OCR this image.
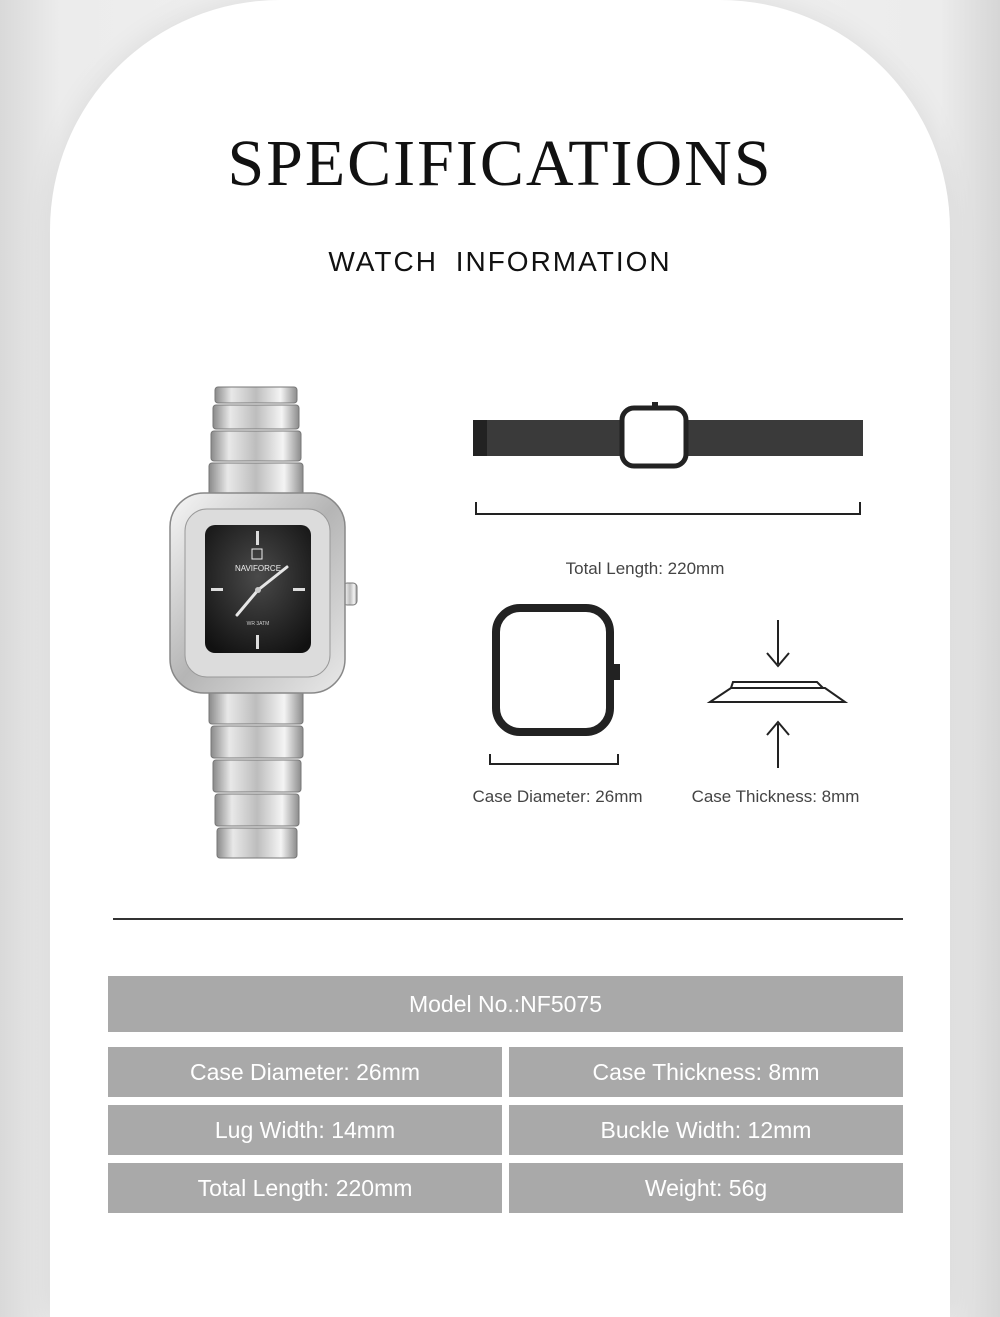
SPECIFICATIONS
WATCH INFORMATION
NAVIFORCE
WR 3ATM
Total Length: 220mm
Case Diameter: 26mm	Case Thickness: 8mm
Model No.:NF5075
Case Diameter: 26mm	Case Thickness: 8mm
Lug Width: 14mm	Buckle Width: 12mm
Total Length: 220mm	Weight: 56g
